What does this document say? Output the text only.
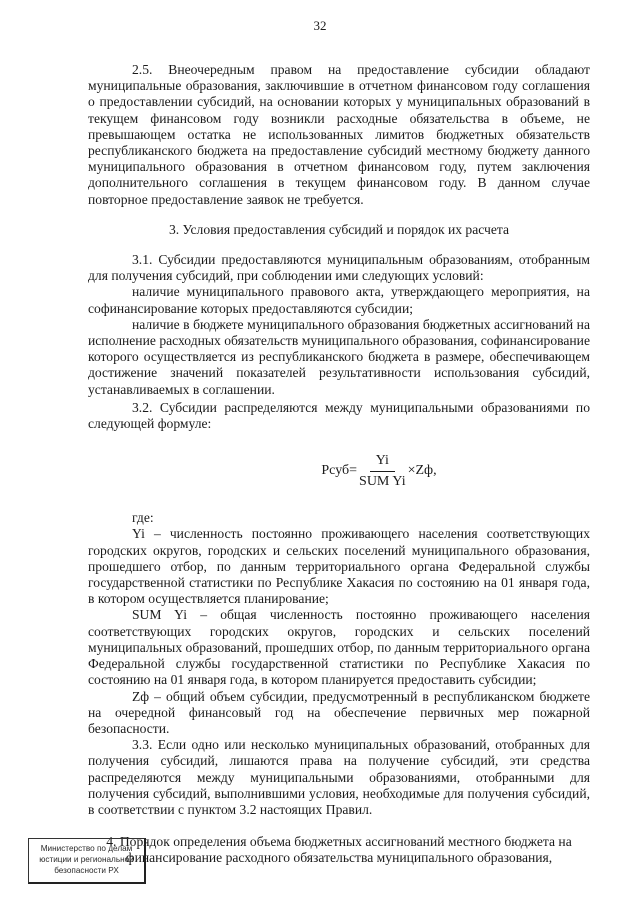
32

2.5. Внеочередным правом на предоставление субсидии обладают муниципальные образования, заключившие в отчетном финансовом году соглашения о предоставлении субсидий, на основании которых у муниципальных образований в текущем финансовом году возникли расходные обязательства в объеме, не превышающем остатка не использованных лимитов бюджетных обязательств республиканского бюджета на предоставление субсидий местному бюджету данного муниципального образования в отчетном финансовом году, путем заключения дополнительного соглашения в текущем финансовом году. В данном случае повторное предоставление заявок не требуется.

3. Условия предоставления субсидий и порядок их расчета

3.1. Субсидии предоставляются муниципальным образованиям, отобранным для получения субсидий, при соблюдении ими следующих условий:

наличие муниципального правового акта, утверждающего мероприятия, на софинансирование которых предоставляются субсидии;

наличие в бюджете муниципального образования бюджетных ассигнований на исполнение расходных обязательств муниципального образования, софинансирование которого осуществляется из республиканского бюджета в размере, обеспечивающем достижение значений показателей результативности использования субсидий, устанавливаемых в соглашении.

3.2. Субсидии распределяются между муниципальными образованиями по следующей формуле:

Рсуб= $\frac{Yi}{\text{SUM Yi}} \times Zф$,

где:

Yi – численность постоянно проживающего населения соответствующих городских округов, городских и сельских поселений муниципального образования, прошедшего отбор, по данным территориального органа Федеральной службы государственной статистики по Республике Хакасия по состоянию на 01 января года, в котором осуществляется планирование;

SUM Yi – общая численность постоянно проживающего населения соответствующих городских округов, городских и сельских поселений муниципальных образований, прошедших отбор, по данным территориального органа Федеральной службы государственной статистики по Республике Хакасия по состоянию на 01 января года, в котором планируется предоставить субсидии;

Zф – общий объем субсидии, предусмотренный в республиканском бюджете на очередной финансовый год на обеспечение первичных мер пожарной безопасности.

3.3. Если одно или несколько муниципальных образований, отобранных для получения субсидий, лишаются права на получение субсидий, эти средства распределяются между муниципальными образованиями, отобранными для получения субсидий, выполнившими условия, необходимые для получения субсидий, в соответствии с пунктом 3.2 настоящих Правил.

4. Порядок определения объема бюджетных ассигнований местного бюджета на финансирование расходного обязательства муниципального образования,

Министерство по делам
юстиции и региональной
безопасности РХ
